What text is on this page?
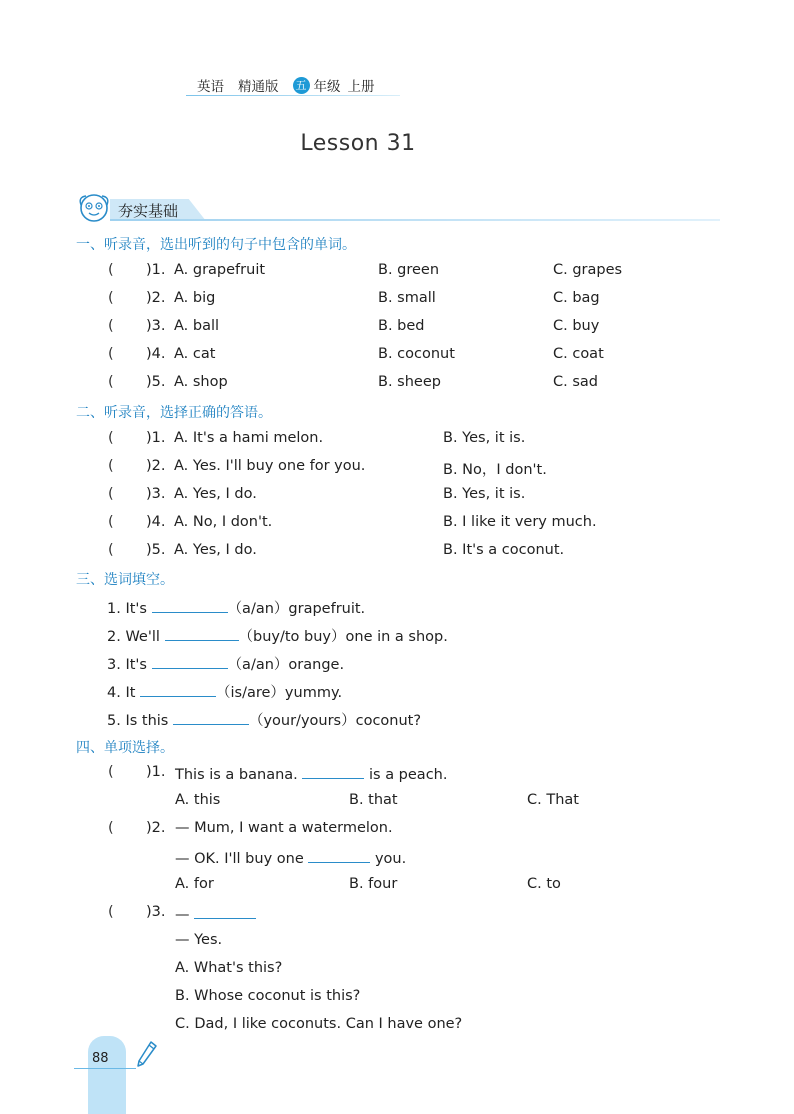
英语 精通版 五 年级 上册
Lesson 31
夯实基础
一、听录音，选出听到的句子中包含的单词。
( )1. A. grapefruit	B. green	C. grapes
( )2. A. big	B. small	C. bag
( )3. A. ball	B. bed	C. buy
( )4. A. cat	B. coconut	C. coat
( )5. A. shop	B. sheep	C. sad
二、听录音，选择正确的答语。
( )1. A. It's a hami melon.	B. Yes, it is.
( )2. A. Yes. I'll buy one for you.	B. No，I don't.
( )3. A. Yes, I do.	B. Yes, it is.
( )4. A. No, I don't.	B. I like it very much.
( )5. A. Yes, I do.	B. It's a coconut.
三、选词填空。
1. It's	（a/an）grapefruit.
2. We'll	（buy/to buy）one in a shop.
3. It's	（a/an）orange.
4. It	（is/are）yummy.
5. Is this	（your/yours）coconut?
四、单项选择。
( )1. This is a banana.	is a peach.
A. this	B. that	C. That
( )2. — Mum, I want a watermelon.
— OK. I'll buy one	you.
A. for	B. four	C. to
( )3. —
— Yes.
A. What's this?
B. Whose coconut is this?
C. Dad, I like coconuts. Can I have one?
88
